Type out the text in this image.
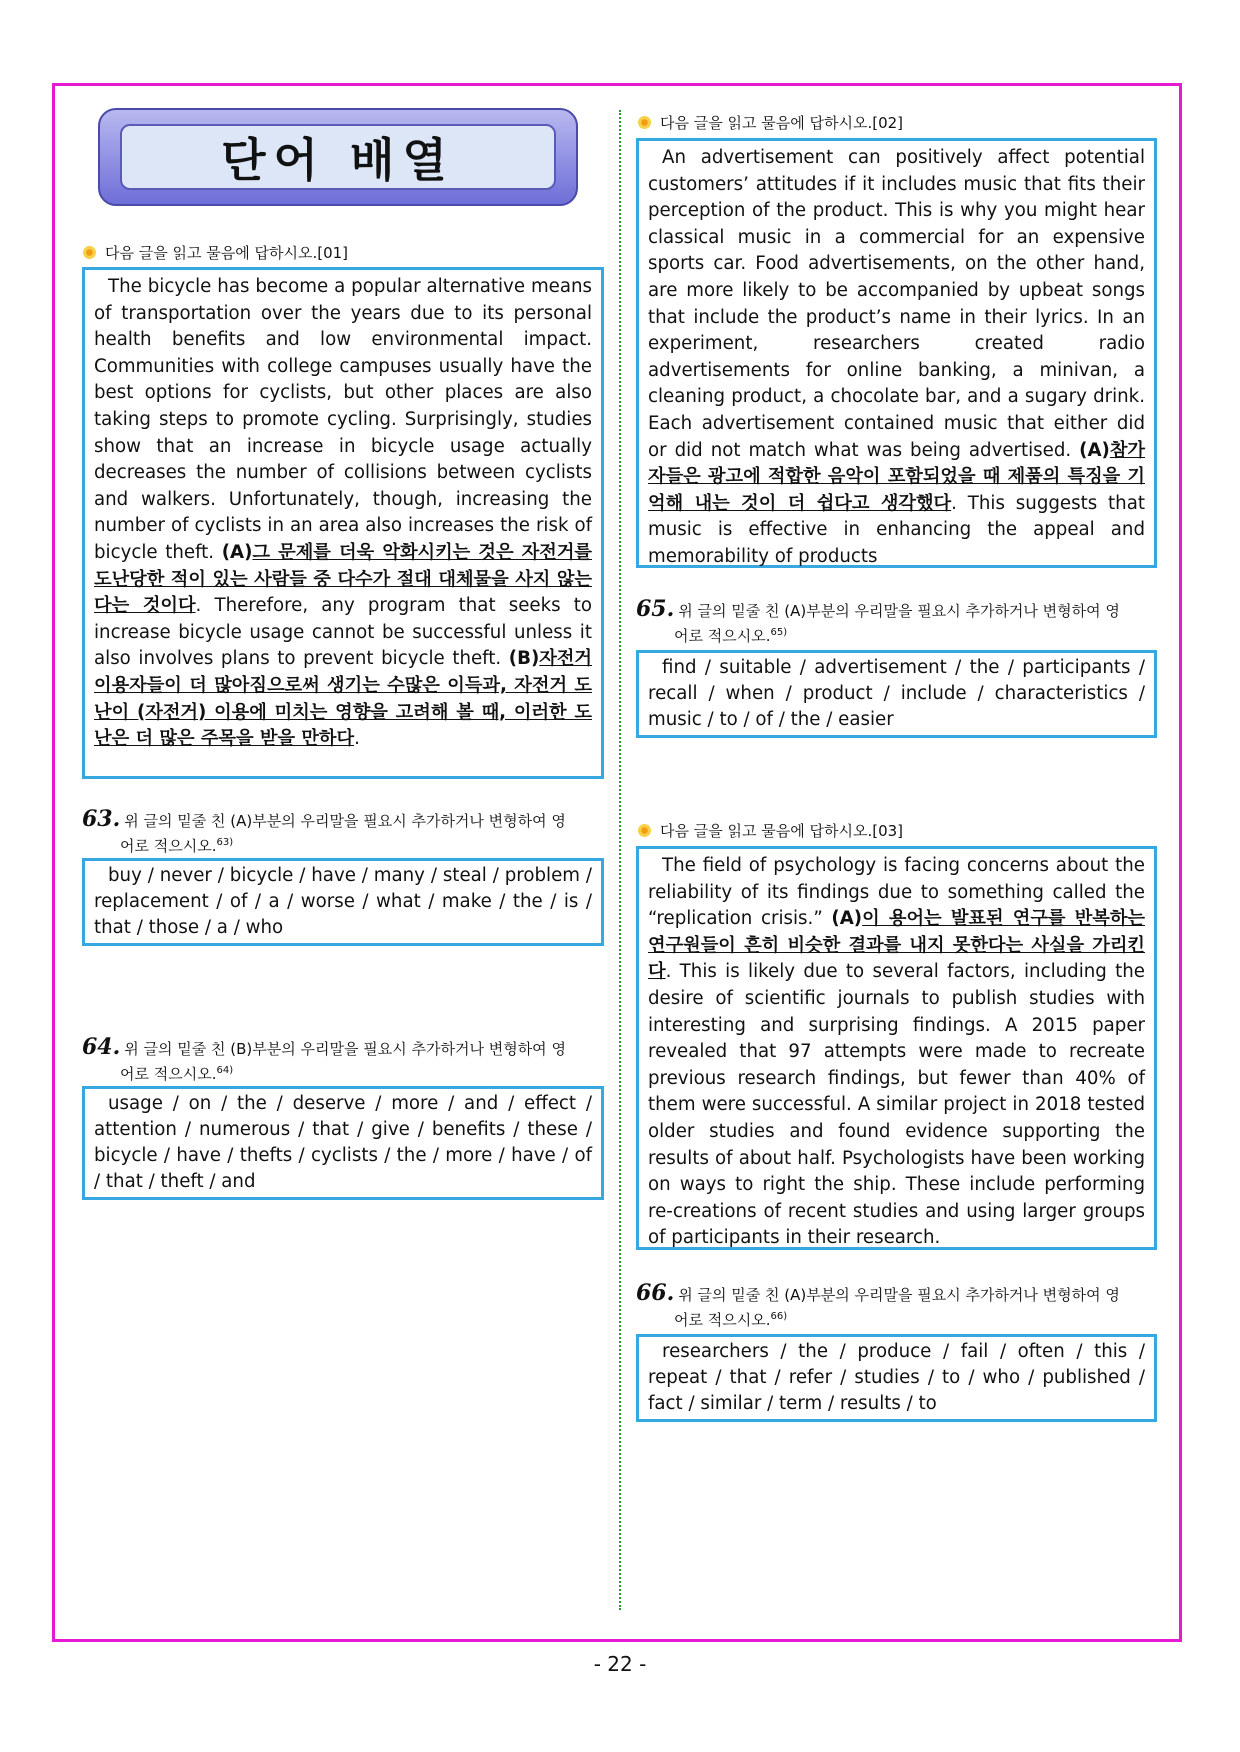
단어 배열
다음 글을 읽고 물음에 답하시오.[01]

The bicycle has become a popular alternative means of transportation over the years due to its personal health benefits and low environmental impact. Communities with college campuses usually have the best options for cyclists, but other places are also taking steps to promote cycling. Surprisingly, studies show that an increase in bicycle usage actually decreases the number of collisions between cyclists and walkers. Unfortunately, though, increasing the number of cyclists in an area also increases the risk of bicycle theft. (A)그 문제를 더욱 악화시키는 것은 자전거를 도난당한 적이 있는 사람들 중 다수가 절대 대체물을 사지 않는다는 것이다. Therefore, any program that seeks to increase bicycle usage cannot be successful unless it also involves plans to prevent bicycle theft. (B)자전거 이용자들이 더 많아짐으로써 생기는 수많은 이득과, 자전거 도난이 (자전거) 이용에 미치는 영향을 고려해 볼 때, 이러한 도난은 더 많은 주목을 받을 만하다.

63. 위 글의 밑줄 친 (A)부분의 우리말을 필요시 추가하거나 변형하여 영
어로 적으시오.$^{63)}$
buy / never / bicycle / have / many / steal / problem / replacement / of / a / worse / what / make / the / is / that / those / a / who
64. 위 글의 밑줄 친 (B)부분의 우리말을 필요시 추가하거나 변형하여 영
어로 적으시오.$^{64)}$
usage / on / the / deserve / more / and / effect / attention / numerous / that / give / benefits / these / bicycle / have / thefts / cyclists / the / more / have / of / that / theft / and
다음 글을 읽고 물음에 답하시오.[02]

An advertisement can positively affect potential customers’ attitudes if it includes music that fits their perception of the product. This is why you might hear classical music in a commercial for an expensive sports car. Food advertisements, on the other hand, are more likely to be accompanied by upbeat songs that include the product’s name in their lyrics. In an experiment, researchers created radio advertisements for online banking, a minivan, a cleaning product, a chocolate bar, and a sugary drink. Each advertisement contained music that either did or did not match what was being advertised. (A)참가자들은 광고에 적합한 음악이 포함되었을 때 제품의 특징을 기억해 내는 것이 더 쉽다고 생각했다. This suggests that music is effective in enhancing the appeal and memorability of products

65. 위 글의 밑줄 친 (A)부분의 우리말을 필요시 추가하거나 변형하여 영
어로 적으시오.$^{65)}$
find / suitable / advertisement / the / participants / recall / when / product / include / characteristics / music / to / of / the / easier
다음 글을 읽고 물음에 답하시오.[03]

The field of psychology is facing concerns about the reliability of its findings due to something called the “replication crisis.” (A)이 용어는 발표된 연구를 반복하는 연구원들이 흔히 비슷한 결과를 내지 못한다는 사실을 가리킨다. This is likely due to several factors, including the desire of scientific journals to publish studies with interesting and surprising findings. A 2015 paper revealed that 97 attempts were made to recreate previous research findings, but fewer than 40% of them were successful. A similar project in 2018 tested older studies and found evidence supporting the results of about half. Psychologists have been working on ways to right the ship. These include performing re-creations of recent studies and using larger groups of participants in their research.

66. 위 글의 밑줄 친 (A)부분의 우리말을 필요시 추가하거나 변형하여 영
어로 적으시오.$^{66)}$
researchers / the / produce / fail / often / this / repeat / that / refer / studies / to / who / published / fact / similar / term / results / to
- 22 -
